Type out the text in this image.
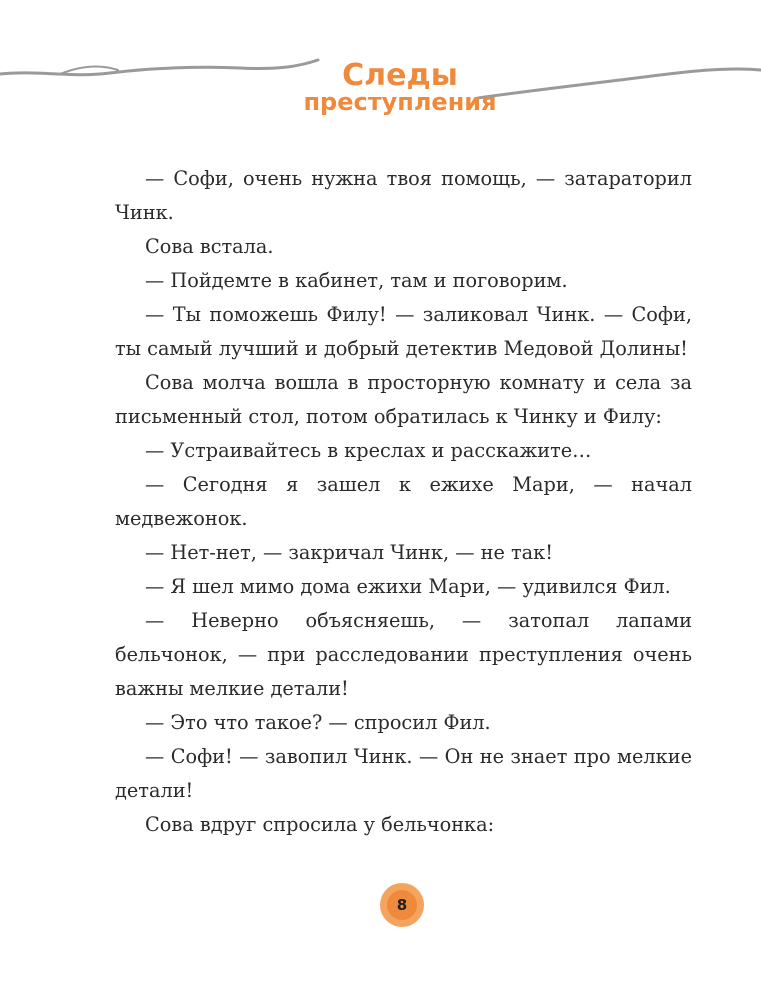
Следы
преступления

— Софи, очень нужна твоя помощь, — затараторил Чинк.

Сова встала.

— Пойдемте в кабинет, там и поговорим.

— Ты поможешь Филу! — заликовал Чинк. — Софи, ты самый лучший и добрый детектив Медовой Долины!

Сова молча вошла в просторную комнату и села за письменный стол, потом обратилась к Чинку и Филу:

— Устраивайтесь в креслах и расскажите…

— Сегодня я зашел к ежихе Мари, — начал медвежонок.

— Нет-нет, — закричал Чинк, — не так!

— Я шел мимо дома ежихи Мари, — удивился Фил.

— Неверно объясняешь, — затопал лапами бельчонок, — при расследовании преступления очень важны мелкие детали!

— Это что такое? — спросил Фил.

— Софи! — завопил Чинк. — Он не знает про мелкие детали!

Сова вдруг спросила у бельчонка:

8
